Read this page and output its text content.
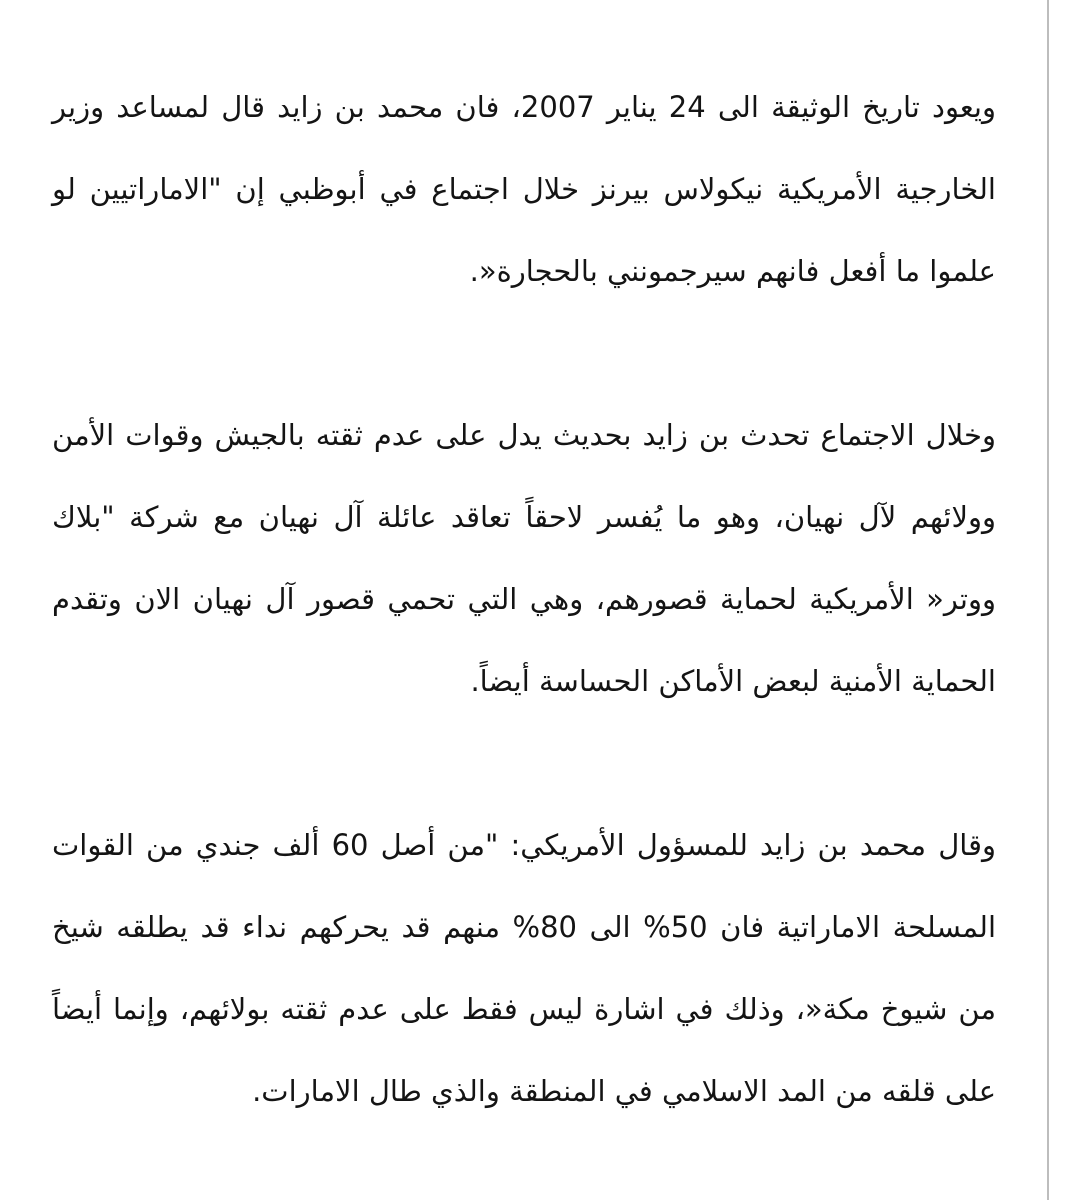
ويعود تاريخ الوثيقة الى 24 يناير 2007، فان محمد بن زايد قال لمساعد وزير الخارجية الأمريكية نيكولاس بيرنز خلال اجتماع في أبوظبي إن "الاماراتيين لو علموا ما أفعل فانهم سيرجمونني بالحجارة«.

وخلال الاجتماع تحدث بن زايد بحديث يدل على عدم ثقته بالجيش وقوات الأمن وولائهم لآل نهيان، وهو ما يُفسر لاحقاً تعاقد عائلة آل نهيان مع شركة "بلاك ووتر« الأمريكية لحماية قصورهم، وهي التي تحمي قصور آل نهيان الان وتقدم الحماية الأمنية لبعض الأماكن الحساسة أيضاً.

وقال محمد بن زايد للمسؤول الأمريكي: "من أصل 60 ألف جندي من القوات المسلحة الاماراتية فان 50% الى 80% منهم قد يحركهم نداء قد يطلقه شيخ من شيوخ مكة«، وذلك في اشارة ليس فقط على عدم ثقته بولائهم، وإنما أيضاً على قلقه من المد الاسلامي في المنطقة والذي طال الامارات.
